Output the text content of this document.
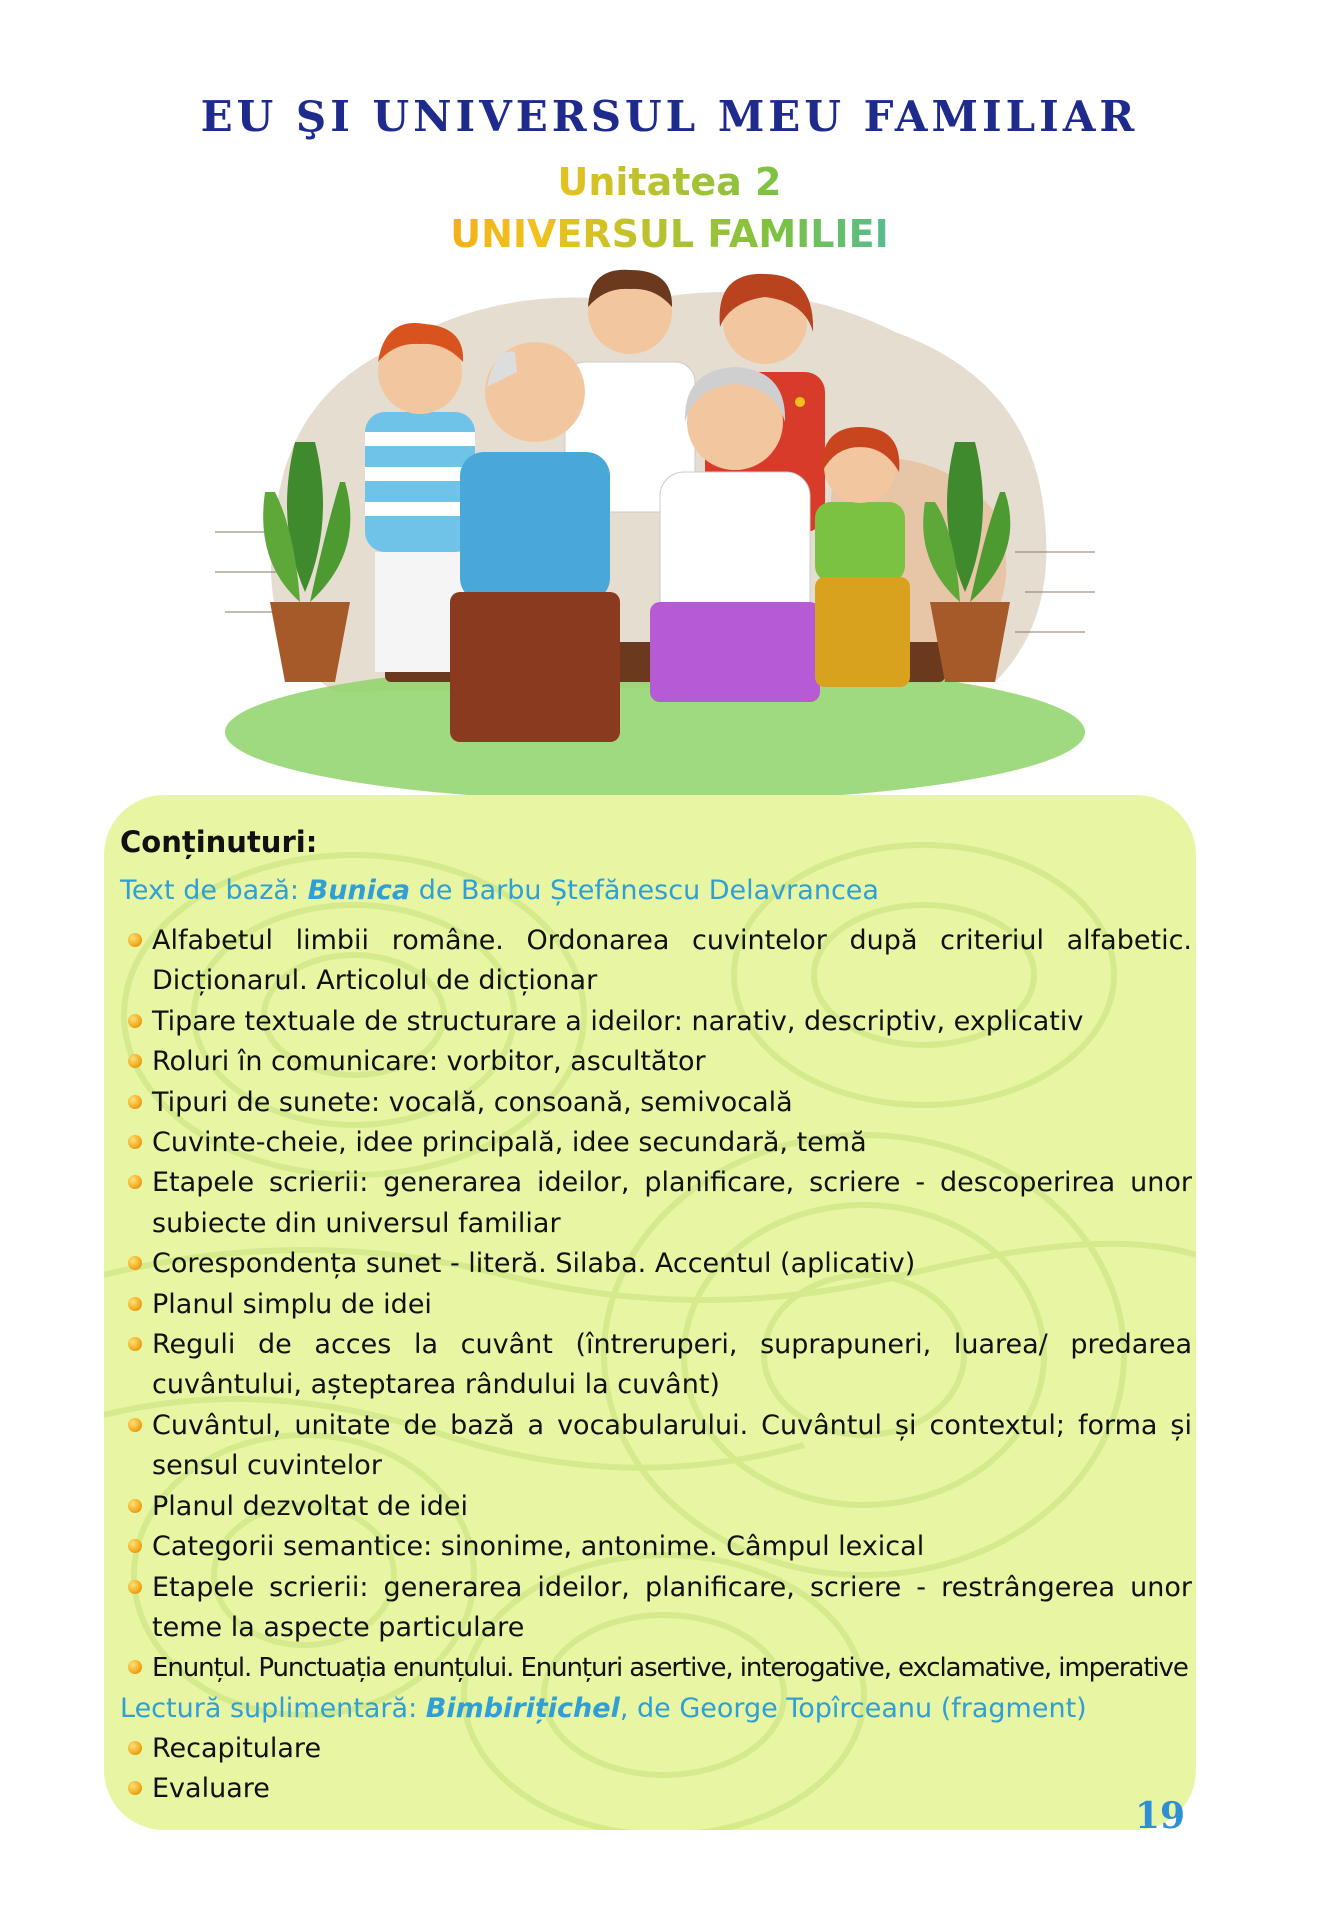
EU ŞI UNIVERSUL MEU FAMILIAR
Unitatea 2
UNIVERSUL FAMILIEI
Conținuturi:

Text de bază: Bunica de Barbu Ștefănescu Delavrancea

Alfabetul limbii române. Ordonarea cuvintelor după criteriul alfabetic. Dicționarul. Articolul de dicționar
Tipare textuale de structurare a ideilor: narativ, descriptiv, explicativ
Roluri în comunicare: vorbitor, ascultător
Tipuri de sunete: vocală, consoană, semivocală
Cuvinte-cheie, idee principală, idee secundară, temă
Etapele scrierii: generarea ideilor, planificare, scriere - descoperirea unor subiecte din universul familiar
Corespondența sunet - literă. Silaba. Accentul (aplicativ)
Planul simplu de idei
Reguli de acces la cuvânt (întreruperi, suprapuneri, luarea/ predarea cuvântului, așteptarea rândului la cuvânt)
Cuvântul, unitate de bază a vocabularului. Cuvântul și contextul; forma și sensul cuvintelor
Planul dezvoltat de idei
Categorii semantice: sinonime, antonime. Câmpul lexical
Etapele scrierii: generarea ideilor, planificare, scriere - restrângerea unor teme la aspecte particulare
Enunțul. Punctuația enunțului. Enunțuri asertive, interogative, exclamative, imperative

Lectură suplimentară: Bimbirițichel, de George Topîrceanu (fragment)

Recapitulare
Evaluare

19
